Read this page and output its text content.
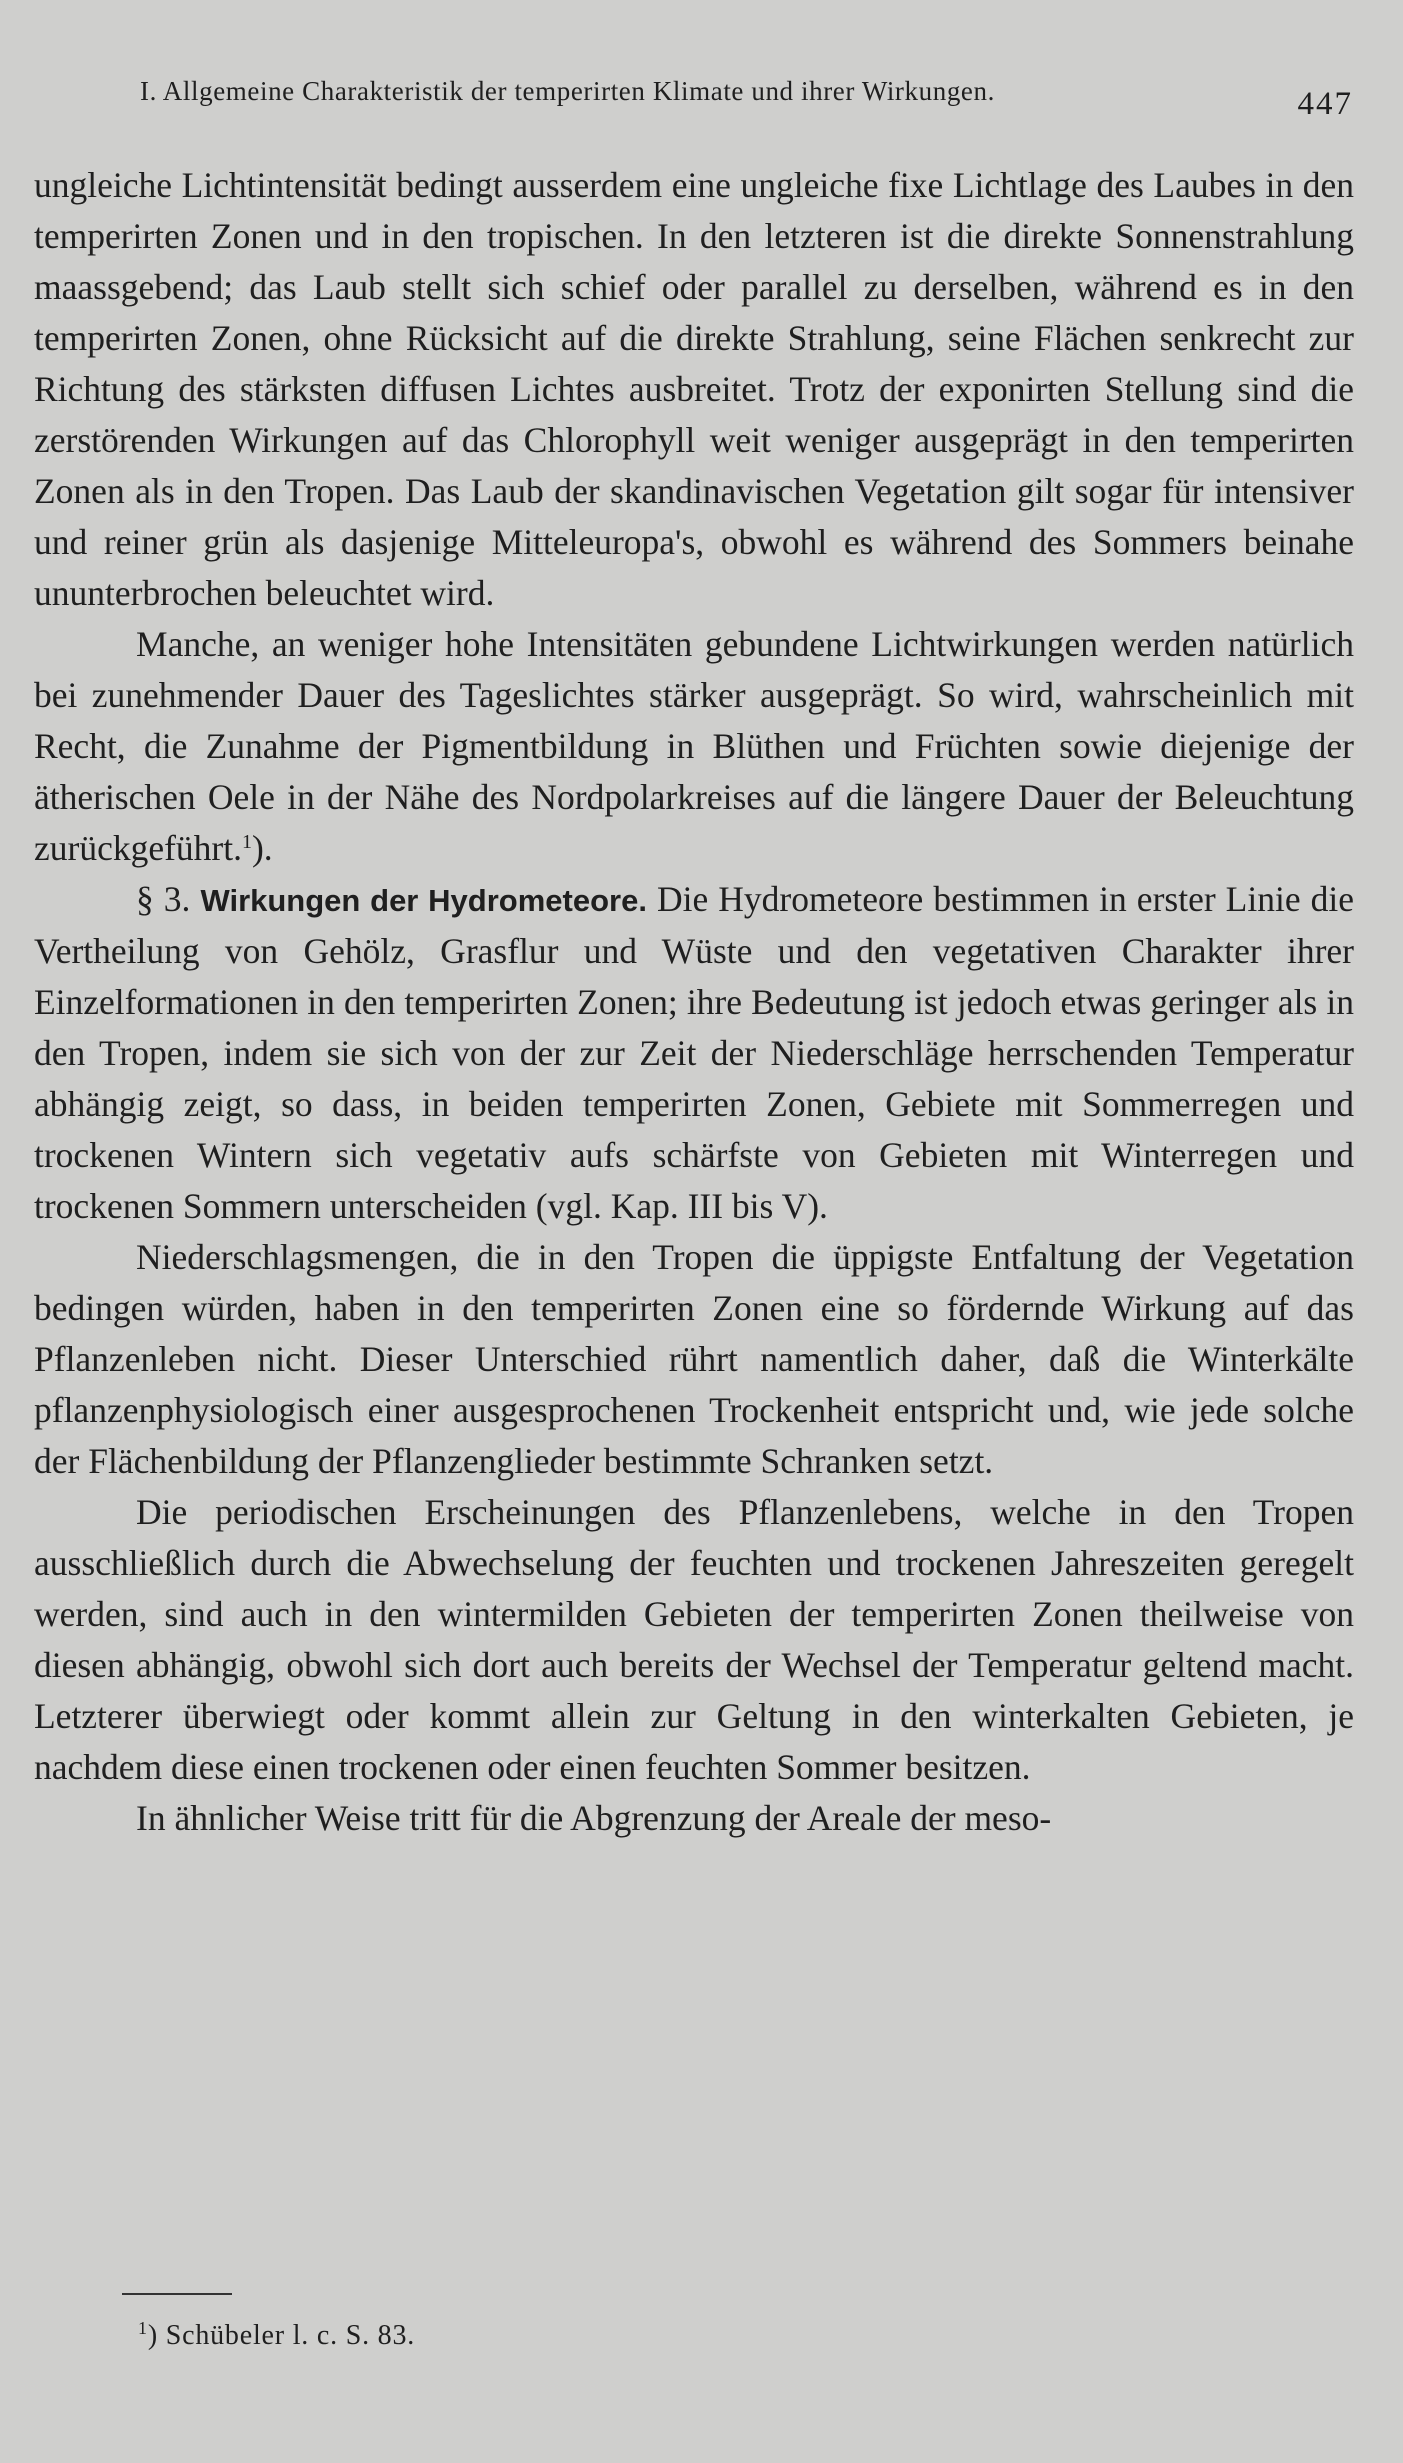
I. Allgemeine Charakteristik der temperirten Klimate und ihrer Wirkungen.	447

ungleiche Lichtintensität bedingt ausserdem eine ungleiche fixe Lichtlage des Laubes in den temperirten Zonen und in den tropischen. In den letzteren ist die direkte Sonnenstrahlung maassgebend; das Laub stellt sich schief oder parallel zu derselben, während es in den temperirten Zonen, ohne Rücksicht auf die direkte Strahlung, seine Flächen senkrecht zur Richtung des stärksten diffusen Lichtes ausbreitet. Trotz der exponirten Stellung sind die zerstörenden Wirkungen auf das Chlorophyll weit weniger ausgeprägt in den temperirten Zonen als in den Tropen. Das Laub der skandinavischen Vegetation gilt sogar für intensiver und reiner grün als dasjenige Mitteleuropa's, obwohl es während des Sommers beinahe ununterbrochen beleuchtet wird.

Manche, an weniger hohe Intensitäten gebundene Lichtwirkungen werden natürlich bei zunehmender Dauer des Tageslichtes stärker ausgeprägt. So wird, wahrscheinlich mit Recht, die Zunahme der Pigmentbildung in Blüthen und Früchten sowie diejenige der ätherischen Oele in der Nähe des Nordpolarkreises auf die längere Dauer der Beleuchtung zurückgeführt.$^1$).

§ 3. Wirkungen der Hydrometeore. Die Hydrometeore bestimmen in erster Linie die Vertheilung von Gehölz, Grasflur und Wüste und den vegetativen Charakter ihrer Einzelformationen in den temperirten Zonen; ihre Bedeutung ist jedoch etwas geringer als in den Tropen, indem sie sich von der zur Zeit der Niederschläge herrschenden Temperatur abhängig zeigt, so dass, in beiden temperirten Zonen, Gebiete mit Sommerregen und trockenen Wintern sich vegetativ aufs schärfste von Gebieten mit Winterregen und trockenen Sommern unterscheiden (vgl. Kap. III bis V).

Niederschlagsmengen, die in den Tropen die üppigste Entfaltung der Vegetation bedingen würden, haben in den temperirten Zonen eine so fördernde Wirkung auf das Pflanzenleben nicht. Dieser Unterschied rührt namentlich daher, daß die Winterkälte pflanzenphysiologisch einer ausgesprochenen Trockenheit entspricht und, wie jede solche der Flächenbildung der Pflanzenglieder bestimmte Schranken setzt.

Die periodischen Erscheinungen des Pflanzenlebens, welche in den Tropen ausschließlich durch die Abwechselung der feuchten und trockenen Jahreszeiten geregelt werden, sind auch in den wintermilden Gebieten der temperirten Zonen theilweise von diesen abhängig, obwohl sich dort auch bereits der Wechsel der Temperatur geltend macht. Letzterer überwiegt oder kommt allein zur Geltung in den winterkalten Gebieten, je nachdem diese einen trockenen oder einen feuchten Sommer besitzen.

In ähnlicher Weise tritt für die Abgrenzung der Areale der meso-

$^1$) Schübeler l. c. S. 83.
